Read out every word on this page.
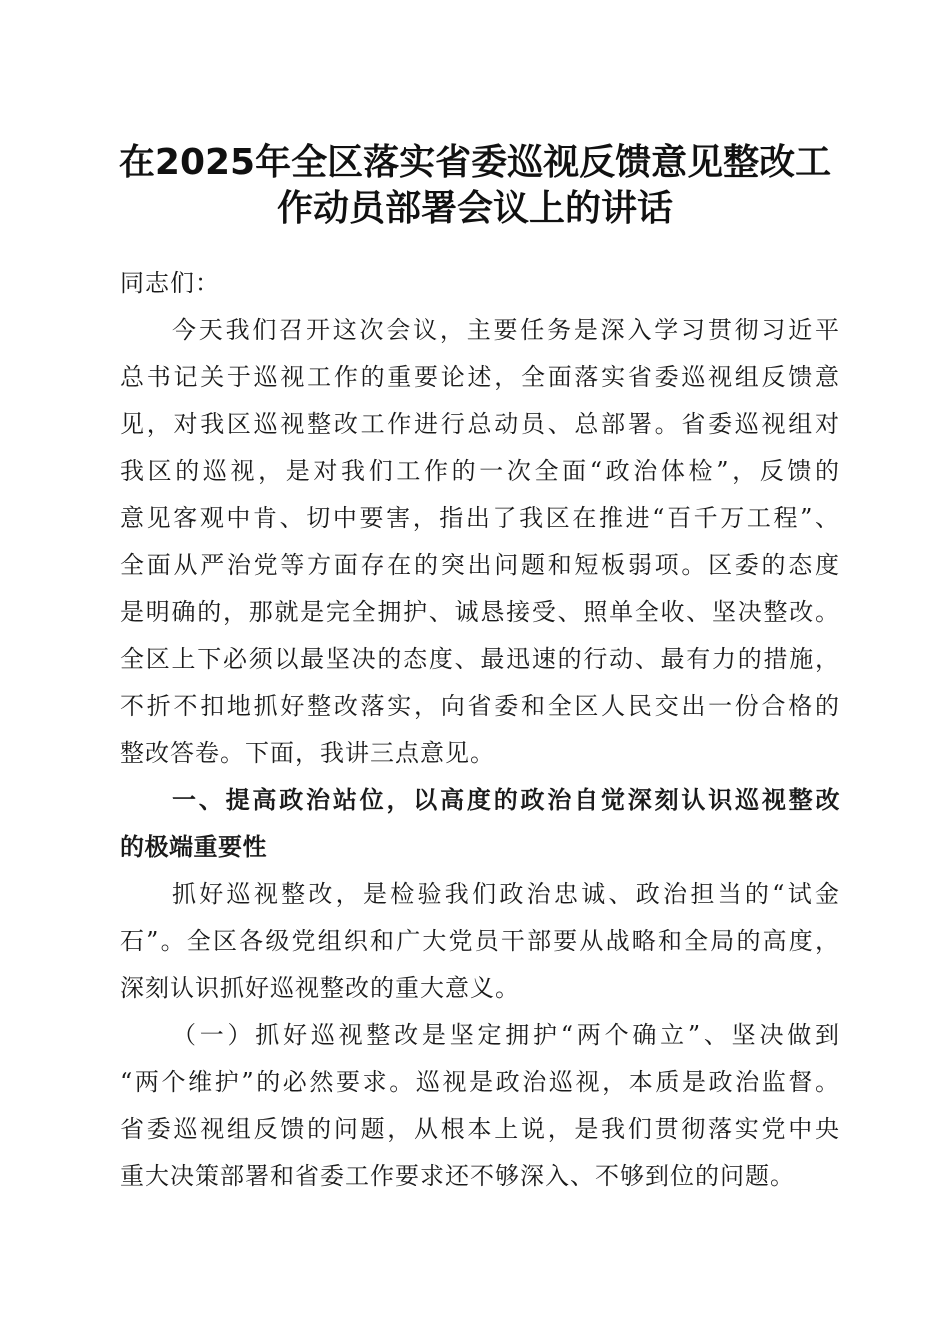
在2025年全区落实省委巡视反馈意见整改工
作动员部署会议上的讲话
同志们：
今天我们召开这次会议，主要任务是深入学习贯彻习近平
总书记关于巡视工作的重要论述，全面落实省委巡视组反馈意
见，对我区巡视整改工作进行总动员、总部署。省委巡视组对
我区的巡视，是对我们工作的一次全面“政治体检”，反馈的
意见客观中肯、切中要害，指出了我区在推进“百千万工程”、
全面从严治党等方面存在的突出问题和短板弱项。区委的态度
是明确的，那就是完全拥护、诚恳接受、照单全收、坚决整改。
全区上下必须以最坚决的态度、最迅速的行动、最有力的措施，
不折不扣地抓好整改落实，向省委和全区人民交出一份合格的
整改答卷。下面，我讲三点意见。
一、提高政治站位，以高度的政治自觉深刻认识巡视整改
的极端重要性
抓好巡视整改，是检验我们政治忠诚、政治担当的“试金
石”。全区各级党组织和广大党员干部要从战略和全局的高度，
深刻认识抓好巡视整改的重大意义。
（一）抓好巡视整改是坚定拥护“两个确立”、坚决做到
“两个维护”的必然要求。巡视是政治巡视，本质是政治监督。
省委巡视组反馈的问题，从根本上说，是我们贯彻落实党中央
重大决策部署和省委工作要求还不够深入、不够到位的问题。
